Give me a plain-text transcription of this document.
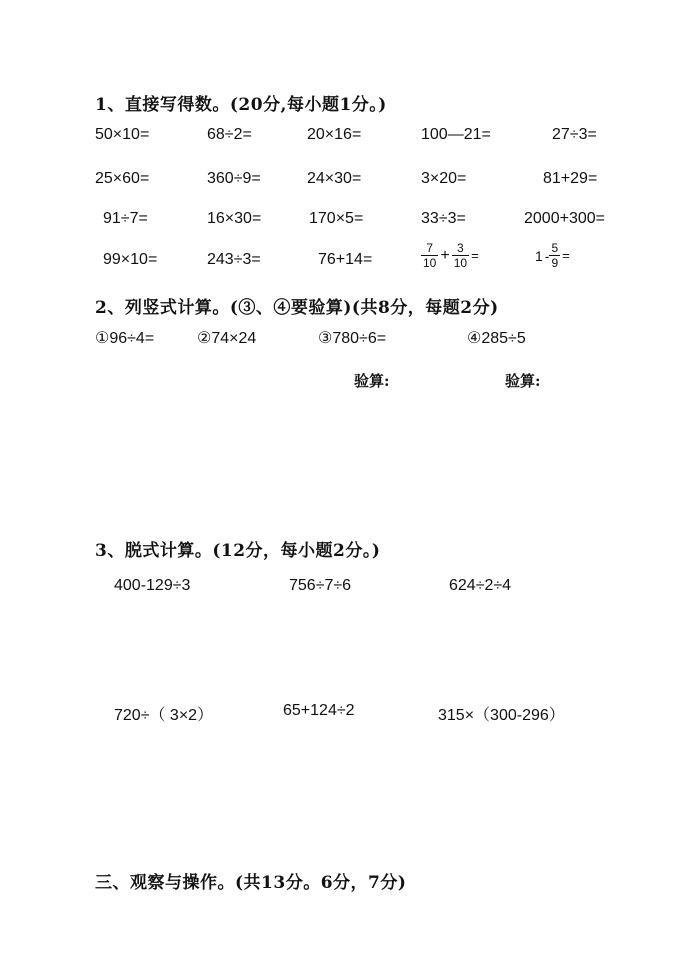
1、直接写得数。(20分,每小题1分。)
50×10=	68÷2=	20×16=	100—21=	27÷3=
25×60=	360÷9=	24×30=	3×20=	81+29=
91÷7=	16×30=	170×5=	33÷3=	2000+300=
99×10=	243÷3=	76+14=	$\frac{7}{10} + \frac{3}{10}$ =	$1 - \frac{5}{9}$ =
2、列竖式计算。(③、④要验算)(共8分，每题2分)
①96÷4=	②74×24	③780÷6=	④285÷5
验算:	验算:
3、脱式计算。(12分，每小题2分。)
400-129÷3	756÷7÷6	624÷2÷4
720÷（ 3×2）	65+124÷2	315×（300-296）
三、观察与操作。(共13分。6分，7分)
